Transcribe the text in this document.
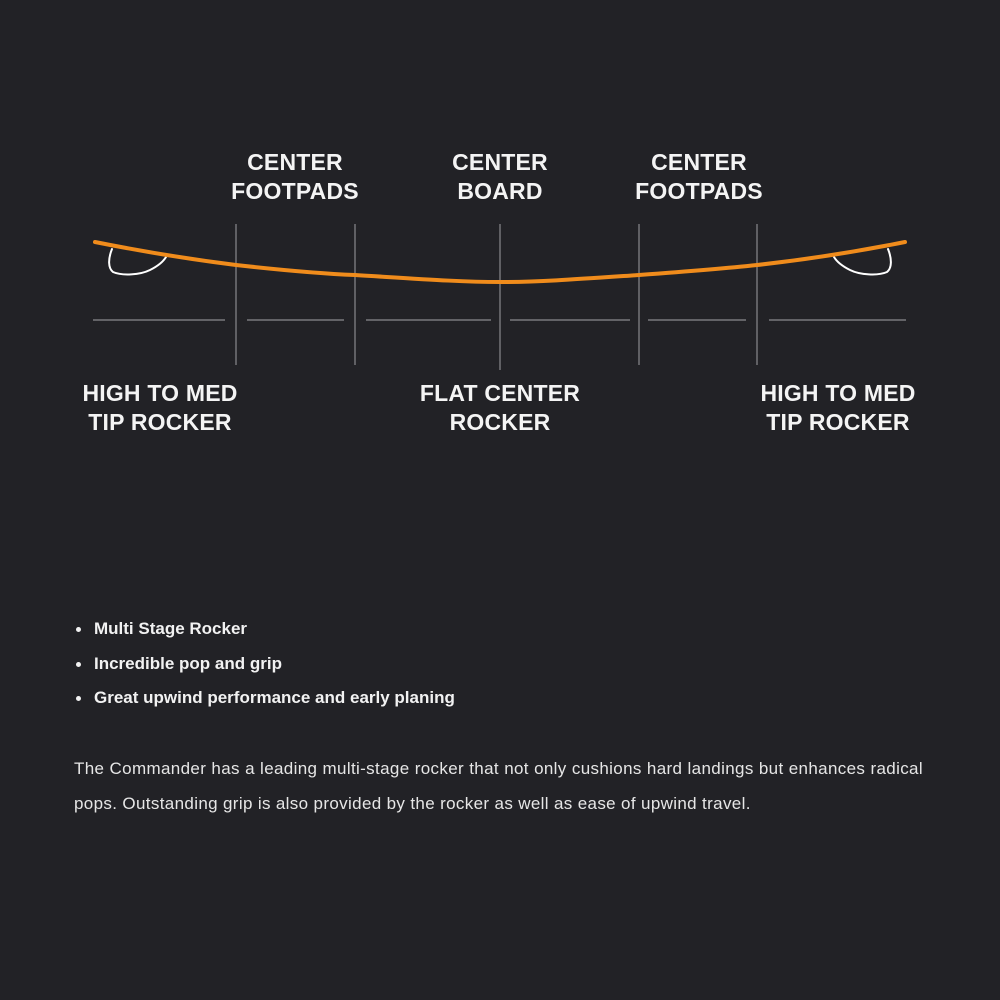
CENTER
FOOTPADS
CENTER
BOARD
CENTER
FOOTPADS
HIGH TO MED
TIP ROCKER
FLAT CENTER
ROCKER
HIGH TO MED
TIP ROCKER
Multi Stage Rocker
Incredible pop and grip
Great upwind performance and early planing

The Commander has a leading multi-stage rocker that not only cushions hard landings but enhances radical pops. Outstanding grip is also provided by the rocker as well as ease of upwind travel.
